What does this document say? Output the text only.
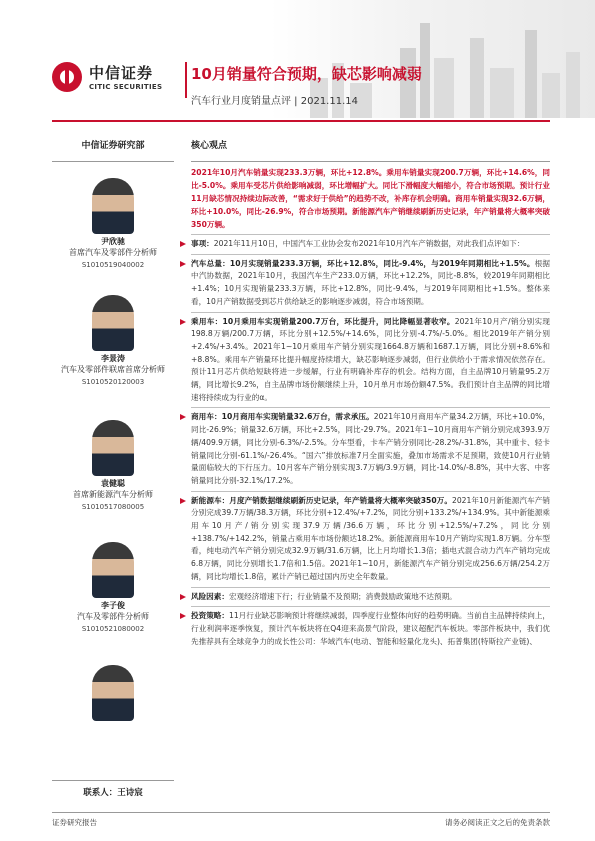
中信证券
CITIC SECURITIES
10月销量符合预期，缺芯影响减弱
汽车行业月度销量点评 | 2021.11.14
中信证券研究部
尹欣驰
首席汽车及零部件分析师
S1010519040002
李景涛
汽车及零部件联席首席分析师
S1010520120003
袁健聪
首席新能源汽车分析师
S1010517080005
李子俊
汽车及零部件分析师
S1010521080002
联系人：王诗宸
核心观点
2021年10月汽车销量实现233.3万辆，环比+12.8%。乘用车销量实现200.7万辆，环比+14.6%，同比-5.0%。乘用车受芯片供给影响减弱，环比增幅扩大。同比下滑幅度大幅缩小，符合市场预期。预计行业11月缺芯情况持续边际改善，“需求好于供给”的趋势不改，补库存机会明确。商用车销量实现32.6万辆，环比+10.0%，同比-26.9%，符合市场预期。新能源汽车产销继续刷新历史记录，年产销量将大概率突破350万辆。
事项：2021年11月10日，中国汽车工业协会发布2021年10月汽车产销数据，对此我们点评如下：
汽车总量：10月实现销量233.3万辆，环比+12.8%，同比-9.4%，与2019年同期相比+1.5%。根据中汽协数据，2021年10月，我国汽车生产233.0万辆，环比+12.2%，同比-8.8%，较2019年同期相比+1.4%；10月实现销量233.3万辆，环比+12.8%，同比-9.4%，与2019年同期相比+1.5%。整体来看，10月产销数据受到芯片供给缺乏的影响逐步减弱，符合市场预期。
乘用车：10月乘用车实现销量200.7万台，环比提升，同比降幅显著收窄。2021年10月产/销分别实现198.8万辆/200.7万辆，环比分别+12.5%/+14.6%，同比分别-4.7%/-5.0%。相比2019年产销分别+2.4%/+3.4%。2021年1~10月乘用车产销分别实现1664.8万辆和1687.1万辆，同比分别+8.6%和+8.8%。乘用车产销量环比提升幅度持续增大，缺芯影响逐步减弱，但行业供给小于需求情况依然存在。预计11月芯片供给短缺将进一步缓解，行业有明确补库存的机会。结构方面，自主品牌10月销量95.2万辆，同比增长9.2%，自主品牌市场份额继续上升，10月单月市场份额47.5%。我们预计自主品牌的同比增速将持续成为行业的α。
商用车：10月商用车实现销量32.6万台，需求承压。2021年10月商用车产量34.2万辆，环比+10.0%，同比-26.9%；销量32.6万辆，环比+2.5%，同比-29.7%。2021年1~10月商用车产销分别完成393.9万辆/409.9万辆，同比分别-6.3%/-2.5%。分车型看，卡车产销分别同比-28.2%/-31.8%，其中重卡、轻卡销量同比分别-61.1%/-26.4%。“国六”排放标准7月全面实施，叠加市场需求不足预期，致使10月行业销量面临较大的下行压力。10月客车产销分别实现3.7万辆/3.9万辆，同比-14.0%/-8.8%，其中大客、中客销量同比分别-32.1%/17.2%。
新能源车：月度产销数据继续刷新历史记录，年产销量将大概率突破350万。2021年10月新能源汽车产销分别完成39.7万辆/38.3万辆，环比分别+12.4%/+7.2%，同比分别+133.2%/+134.9%。其中新能源乘用车10月产/销分别实现37.9万辆/36.6万辆，环比分别+12.5%/+7.2%，同比分别+138.7%/+142.2%，销量占乘用车市场份额达18.2%。新能源商用车10月产销均实现1.8万辆。分车型看，纯电动汽车产销分别完成32.9万辆/31.6万辆，比上月均增长1.3倍；插电式混合动力汽车产销均完成6.8万辆，同比分别增长1.7倍和1.5倍。2021年1~10月，新能源汽车产销分别完成256.6万辆/254.2万辆，同比均增长1.8倍，累计产销已超过国内历史全年数量。
风险因素：宏观经济增速下行；行业销量不及预期；消费鼓励政策地不达预期。
投资策略：11月行业缺芯影响预计将继续减弱，四季度行业整体向好的趋势明确。当前自主品牌持续向上，行业利润率逐季恢复，预计汽车板块将在Q4迎来高景气阶段，建议超配汽车板块。零部件板块中，我们优先推荐具有全球竞争力的成长性公司：华域汽车(电动、智能和轻量化龙头)、拓普集团(特斯拉产业链)、
证券研究报告	请务必阅读正文之后的免责条款
